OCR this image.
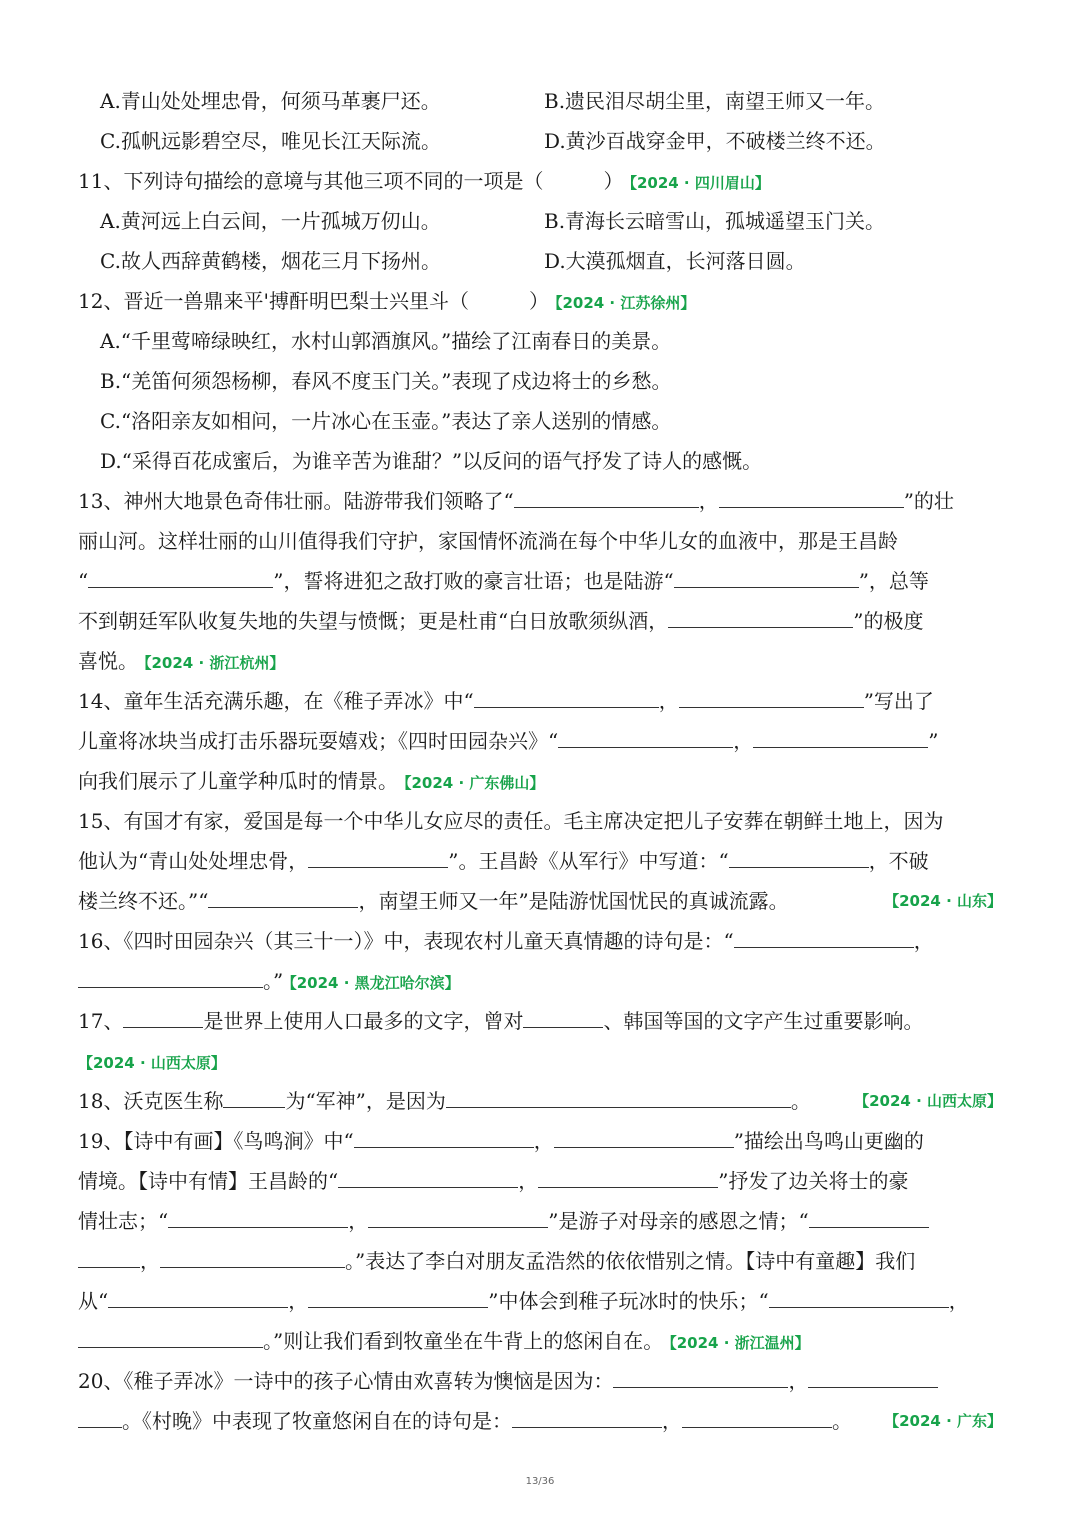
A.青山处处埋忠骨，何须马革裹尸还。	B.遗民泪尽胡尘里，南望王师又一年。
C.孤帆远影碧空尽，唯见长江天际流。	D.黄沙百战穿金甲，不破楼兰终不还。
11、下列诗句描绘的意境与其他三项不同的一项是（　　　） 【2024 · 四川眉山】
A.黄河远上白云间，一片孤城万仞山。	B.青海长云暗雪山，孤城遥望玉门关。
C.故人西辞黄鹤楼，烟花三月下扬州。	D.大漠孤烟直，长河落日圆。
12、晋近一兽鼎来平'搏酐明巴梨士兴里斗（　　　） 【2024 · 江苏徐州】
A.“千里莺啼绿映红，水村山郭酒旗风。”描绘了江南春日的美景。
B.“羌笛何须怨杨柳，春风不度玉门关。”表现了戍边将士的乡愁。
C.“洛阳亲友如相问，一片冰心在玉壶。”表达了亲人送别的情感。
D.“采得百花成蜜后，为谁辛苦为谁甜？”以反问的语气抒发了诗人的感慨。
13、神州大地景色奇伟壮丽。陆游带我们领略了“	，	”的壮
丽山河。这样壮丽的山川值得我们守护，家国情怀流淌在每个中华儿女的血液中，那是王昌龄
“	”，誓将进犯之敌打败的豪言壮语；也是陆游“	”，总等
不到朝廷军队收复失地的失望与愤慨；更是杜甫“白日放歌须纵酒，	”的极度
喜悦。 【2024 · 浙江杭州】
14、童年生活充满乐趣，在《稚子弄冰》中“	，	”写出了
儿童将冰块当成打击乐器玩耍嬉戏；《四时田园杂兴》“	，	”
向我们展示了儿童学种瓜时的情景。 【2024 · 广东佛山】
15、有国才有家，爱国是每一个中华儿女应尽的责任。毛主席决定把儿子安葬在朝鲜土地上，因为
他认为“青山处处埋忠骨，	”。王昌龄《从军行》中写道：“	，不破
楼兰终不还。”“	，南望王师又一年”是陆游忧国忧民的真诚流露。	【2024 · 山东】
16、《四时田园杂兴（其三十一）》中，表现农村儿童天真情趣的诗句是：“	，
。” 【2024 · 黑龙江哈尔滨】
17、	是世界上使用人口最多的文字，曾对	、韩国等国的文字产生过重要影响。
【2024 · 山西太原】
18、沃克医生称	为“军神”，是因为	。	【2024 · 山西太原】
19、【诗中有画】《鸟鸣涧》中“	，	”描绘出鸟鸣山更幽的
情境。【诗中有情】王昌龄的“	，	”抒发了边关将士的豪
情壮志；“	，	”是游子对母亲的感恩之情；“
，	。”表达了李白对朋友孟浩然的依依惜别之情。【诗中有童趣】我们
从“	，	”中体会到稚子玩冰时的快乐；“	，
。”则让我们看到牧童坐在牛背上的悠闲自在。 【2024 · 浙江温州】
20、《稚子弄冰》一诗中的孩子心情由欢喜转为懊恼是因为：	，
。《村晚》中表现了牧童悠闲自在的诗句是：	，	。 【2024 · 广东】
13/36
